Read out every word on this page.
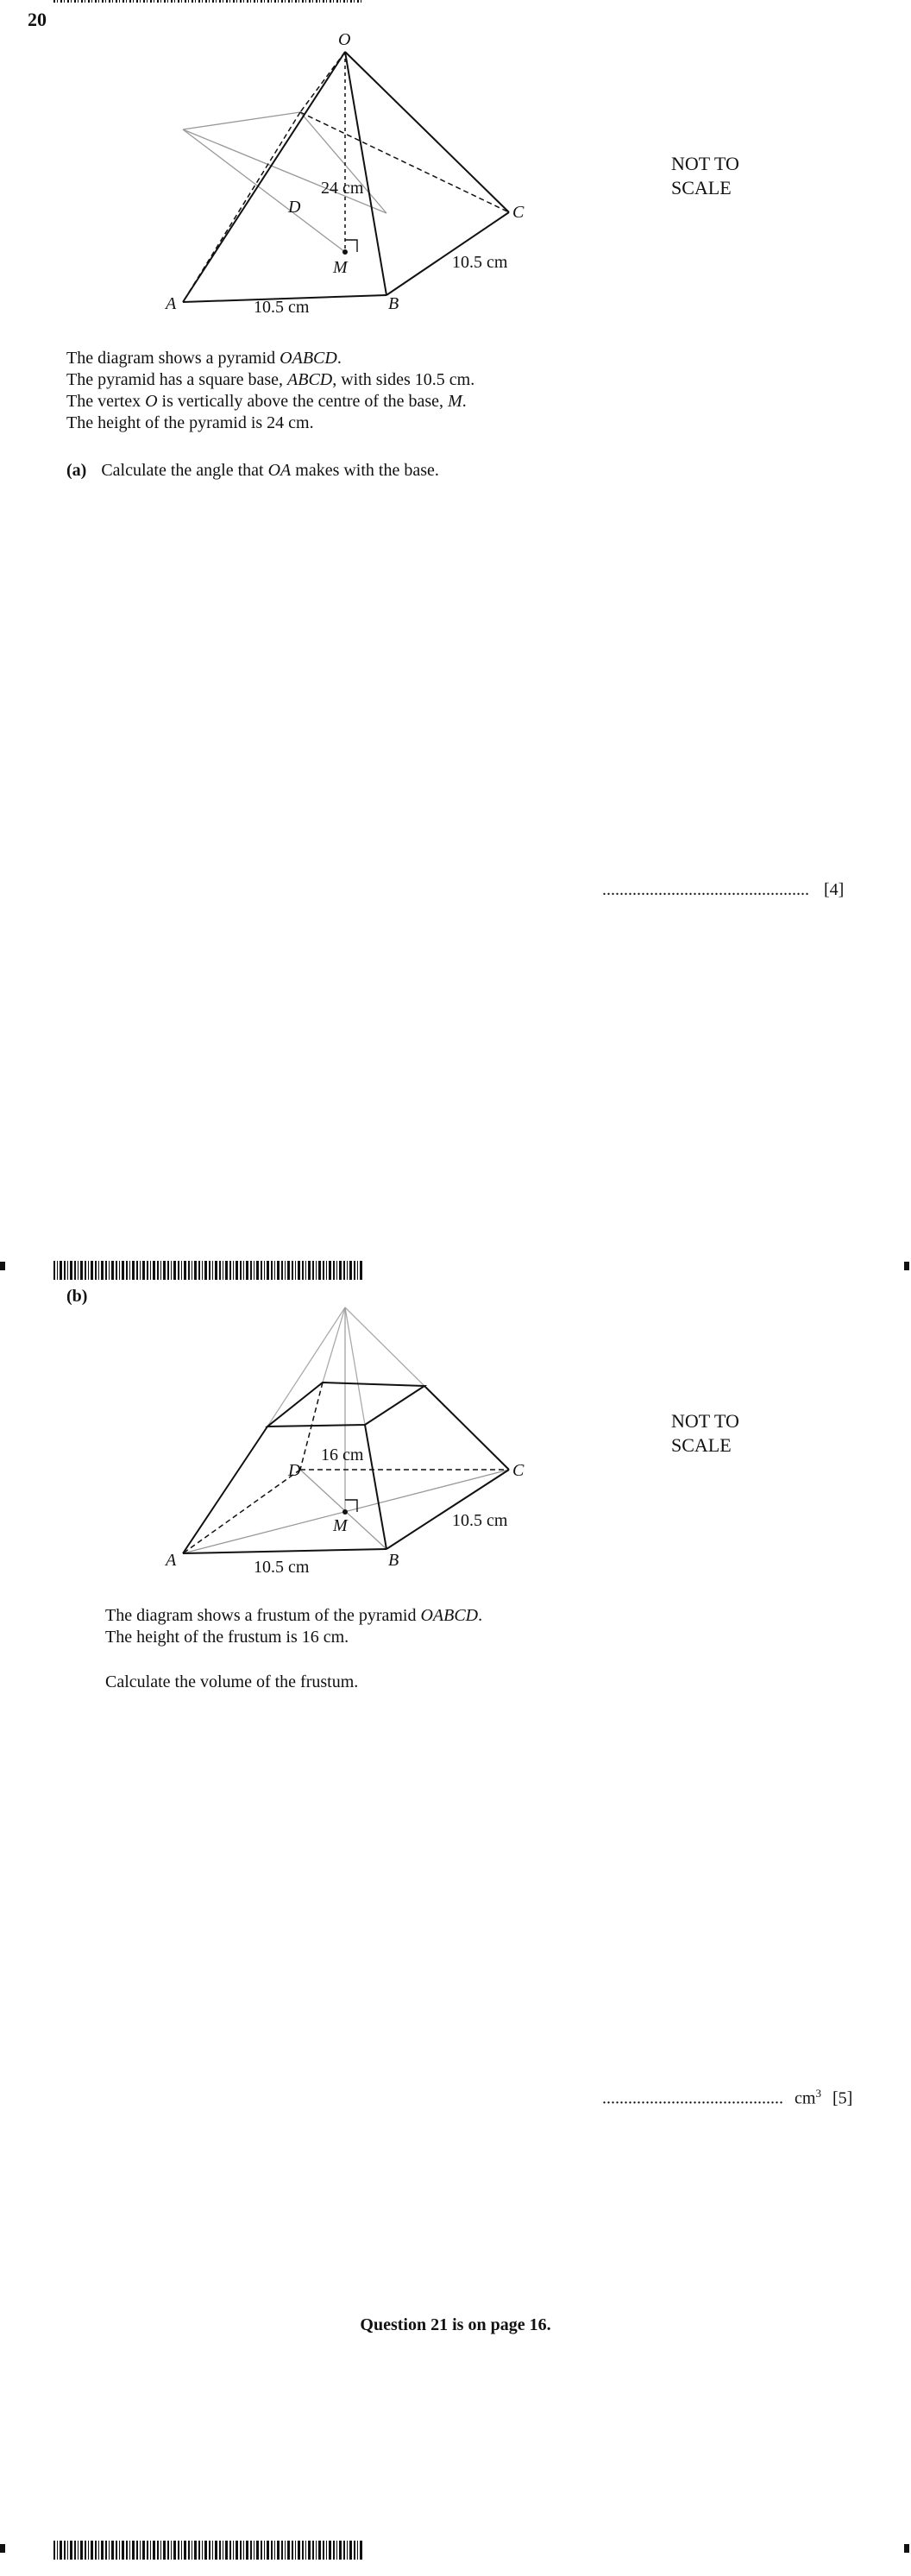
20
O
A	B
C
D
M
24 cm
10.5 cm
10.5 cm
NOT TO
SCALE
The diagram shows a pyramid OABCD.
The pyramid has a square base, ABCD, with sides 10.5 cm.
The vertex O is vertically above the centre of the base, M.
The height of the pyramid is 24 cm.
(a) Calculate the angle that OA makes with the base.
................................................ [4]
(b)
A	B
C
D
M
16 cm
10.5 cm
10.5 cm
NOT TO
SCALE
The diagram shows a frustum of the pyramid OABCD.
The height of the frustum is 16 cm.
Calculate the volume of the frustum.
.......................................... $cm^3$ [5]
Question 21 is on page 16.
